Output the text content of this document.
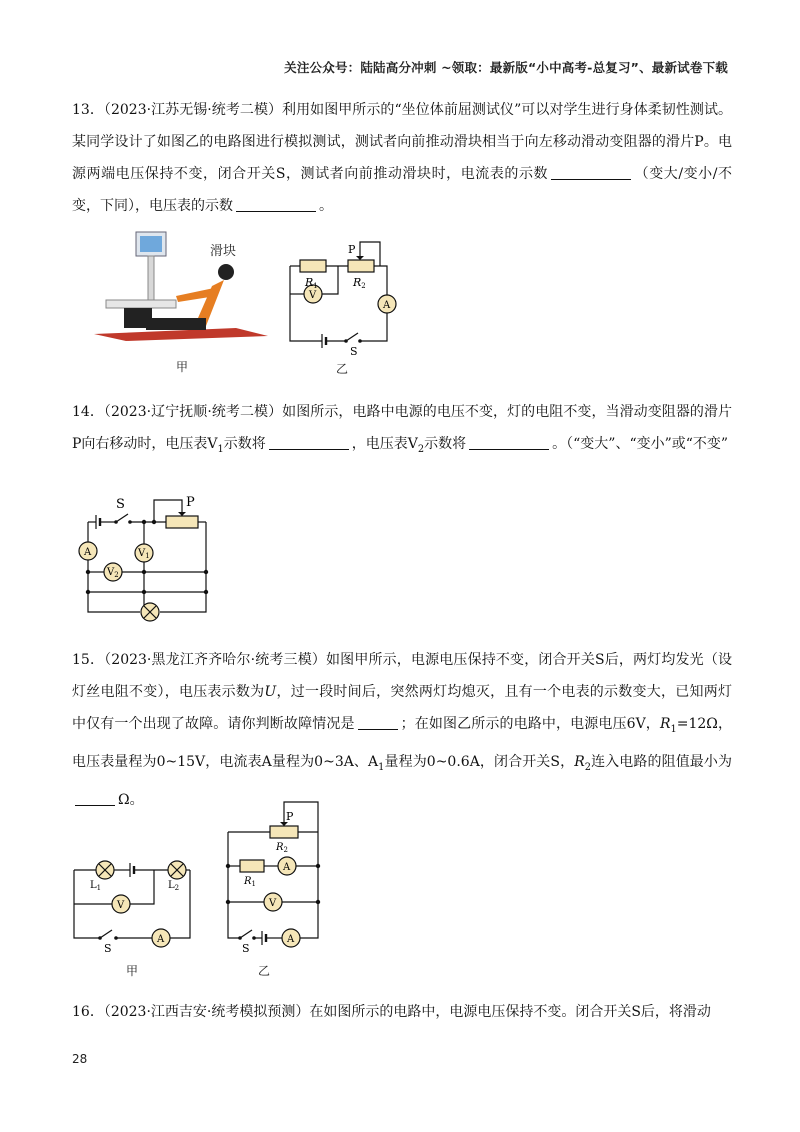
关注公众号：陆陆高分冲刺 ~领取：最新版“小中高考-总复习”、最新试卷下载
13．（2023·江苏无锡·统考二模）利用如图甲所示的“坐位体前屈测试仪”可以对学生进行身体柔韧性测试。某同学设计了如图乙的电路图进行模拟测试，测试者向前推动滑块相当于向左移动滑动变阻器的滑片P。电源两端电压保持不变，闭合开关S，测试者向前推动滑块时，电流表的示数	（变大/变小/不变，下同），电压表的示数	。
滑块
甲
P
R1	R2
V
A
S
乙
14．（2023·辽宁抚顺·统考二模）如图所示，电路中电源的电压不变，灯的电阻不变，当滑动变阻器的滑片P向右移动时，电压表$V_1$示数将	，电压表$V_2$示数将	。（“变大”、“变小”或“不变”
S	P
A	$V_1$
$V_2$
15．（2023·黑龙江齐齐哈尔·统考三模）如图甲所示，电源电压保持不变，闭合开关S后，两灯均发光（设灯丝电阻不变），电压表示数为U，过一段时间后，突然两灯均熄灭，且有一个电表的示数变大，已知两灯中仅有一个出现了故障。请你判断故障情况是	；在如图乙所示的电路中，电源电压6V，$R_1=12\Omega$，电压表量程为0~15V，电流表A量程为0~3A、$A_1$量程为0~0.6A，闭合开关S，$R_2$连入电路的阻值最小为Ω。
$L_1$	$L_2$
V
A
S
甲
P
$R_2$
$R_1$
A
V
A
S
乙
16．（2023·江西吉安·统考模拟预测）在如图所示的电路中，电源电压保持不变。闭合开关S后，将滑动
28
